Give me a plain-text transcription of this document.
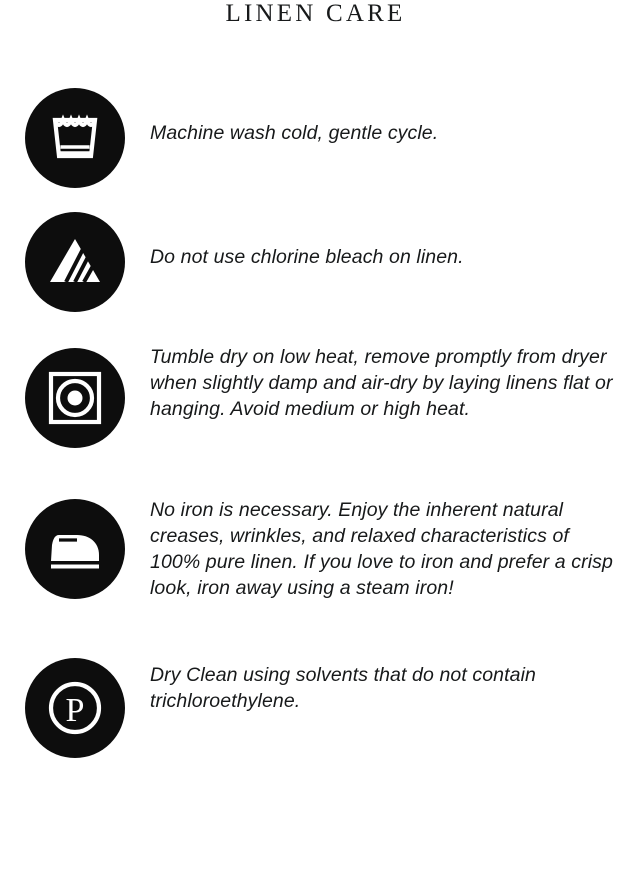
LINEN CARE

Machine wash cold, gentle cycle.

Do not use chlorine bleach on linen.

Tumble dry on low heat, remove promptly from dryer when slightly damp and air-dry by laying linens flat or hanging. Avoid medium or high heat.

No iron is necessary. Enjoy the inherent natural creases, wrinkles, and relaxed characteristics of 100% pure linen. If you love to iron and prefer a crisp look, iron away using a steam iron!

P

Dry Clean using solvents that do not contain trichloroethylene.
